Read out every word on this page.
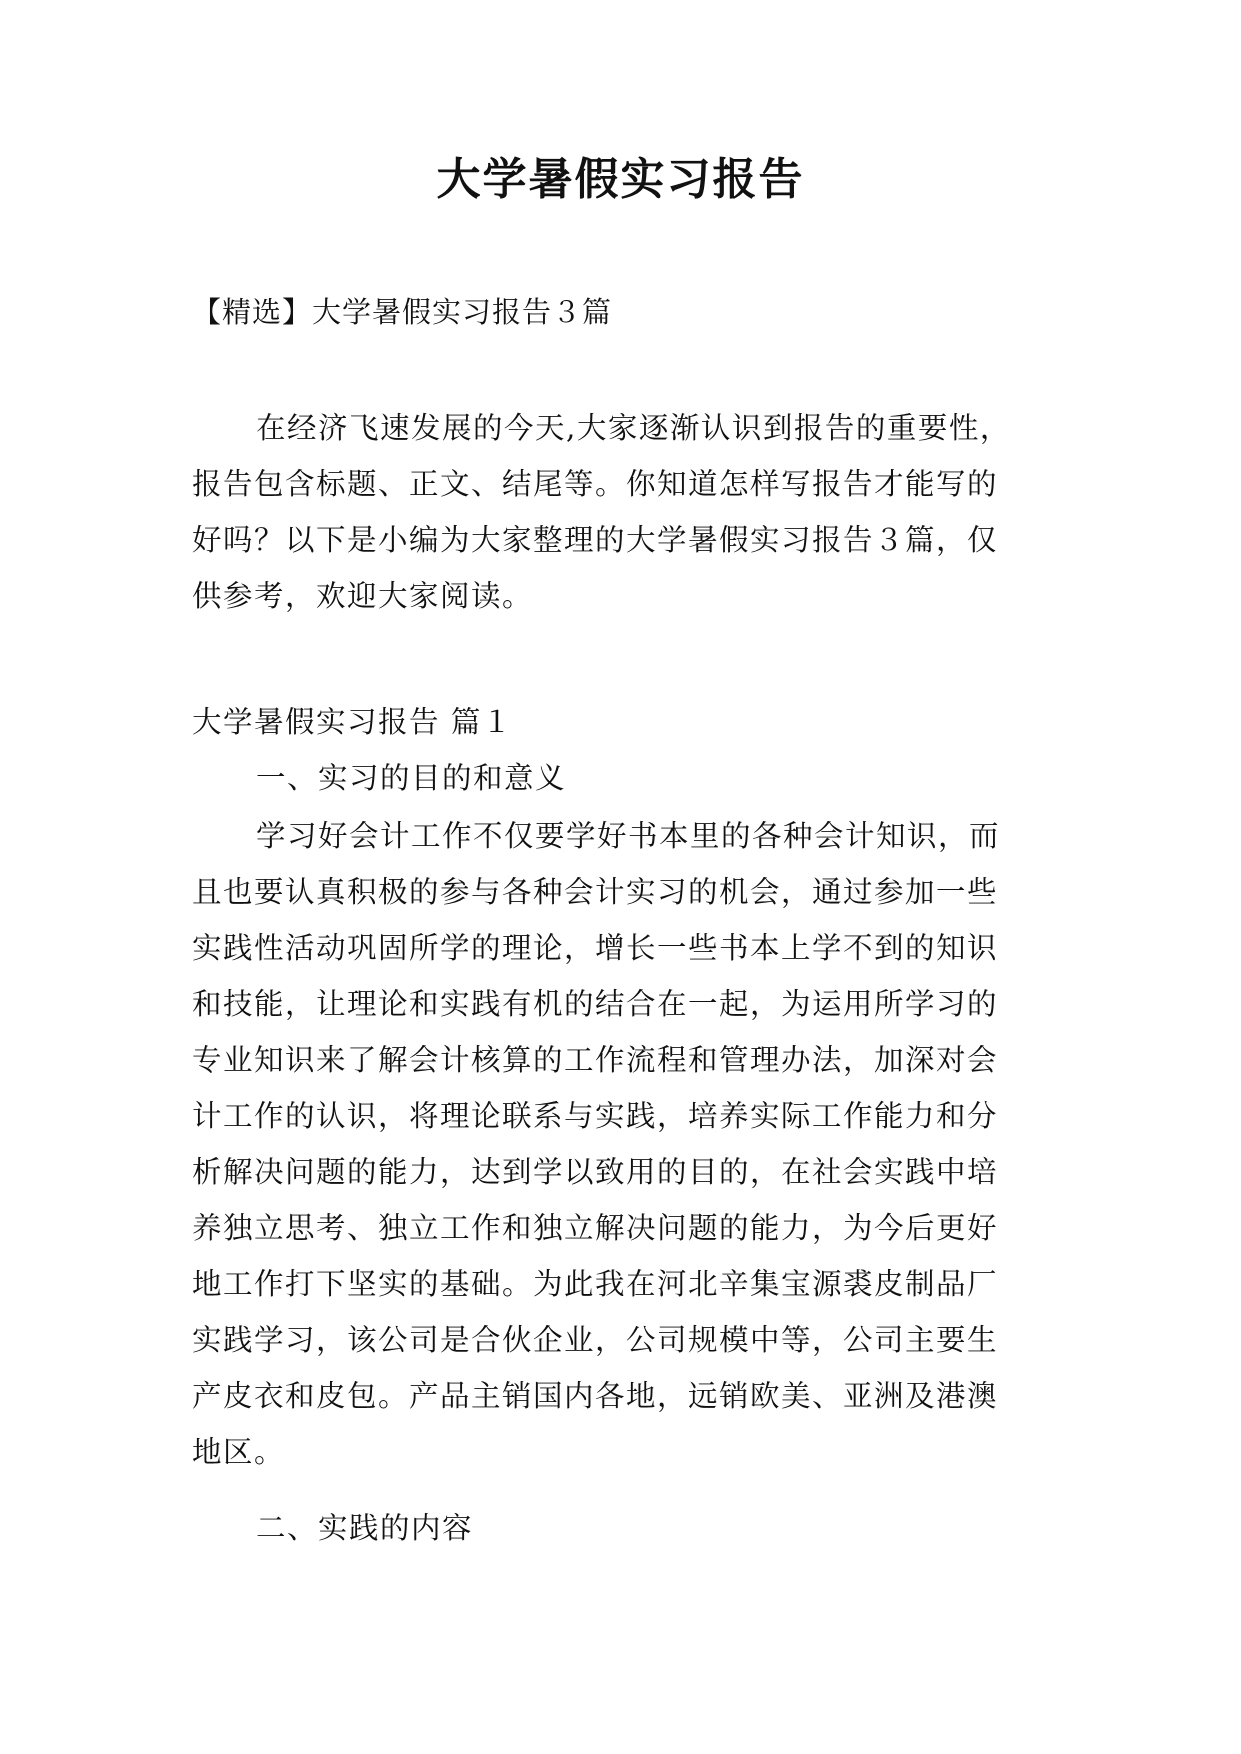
大学暑假实习报告
【精选】大学暑假实习报告３篇
在经济飞速发展的今天,大家逐渐认识到报告的重要性，
报告包含标题、正文、结尾等。你知道怎样写报告才能写的
好吗？以下是小编为大家整理的大学暑假实习报告３篇，仅
供参考，欢迎大家阅读。
大学暑假实习报告 篇１
一、实习的目的和意义
学习好会计工作不仅要学好书本里的各种会计知识，而
且也要认真积极的参与各种会计实习的机会，通过参加一些
实践性活动巩固所学的理论，增长一些书本上学不到的知识
和技能，让理论和实践有机的结合在一起，为运用所学习的
专业知识来了解会计核算的工作流程和管理办法，加深对会
计工作的认识，将理论联系与实践，培养实际工作能力和分
析解决问题的能力，达到学以致用的目的，在社会实践中培
养独立思考、独立工作和独立解决问题的能力，为今后更好
地工作打下坚实的基础。为此我在河北辛集宝源裘皮制品厂
实践学习，该公司是合伙企业，公司规模中等，公司主要生
产皮衣和皮包。产品主销国内各地，远销欧美、亚洲及港澳
地区。
二、实践的内容
